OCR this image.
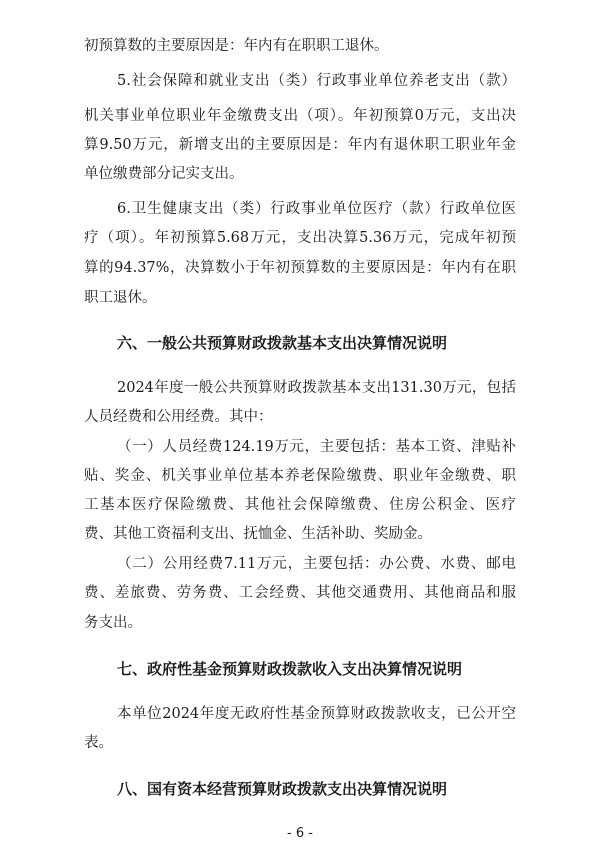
初预算数的主要原因是：年内有在职职工退休。
5.社会保障和就业支出（类）行政事业单位养老支出（款）
机关事业单位职业年金缴费支出（项）。年初预算0万元，支出决
算9.50万元，新增支出的主要原因是：年内有退休职工职业年金
单位缴费部分记实支出。
6.卫生健康支出（类）行政事业单位医疗（款）行政单位医
疗（项）。年初预算5.68万元，支出决算5.36万元，完成年初预
算的94.37%，决算数小于年初预算数的主要原因是：年内有在职
职工退休。
六、一般公共预算财政拨款基本支出决算情况说明
2024年度一般公共预算财政拨款基本支出131.30万元，包括
人员经费和公用经费。其中：
（一）人员经费124.19万元，主要包括：基本工资、津贴补
贴、奖金、机关事业单位基本养老保险缴费、职业年金缴费、职
工基本医疗保险缴费、其他社会保障缴费、住房公积金、医疗
费、其他工资福利支出、抚恤金、生活补助、奖励金。
（二）公用经费7.11万元，主要包括：办公费、水费、邮电
费、差旅费、劳务费、工会经费、其他交通费用、其他商品和服
务支出。
七、政府性基金预算财政拨款收入支出决算情况说明
本单位2024年度无政府性基金预算财政拨款收支，已公开空
表。
八、国有资本经营预算财政拨款支出决算情况说明
- 6 -
